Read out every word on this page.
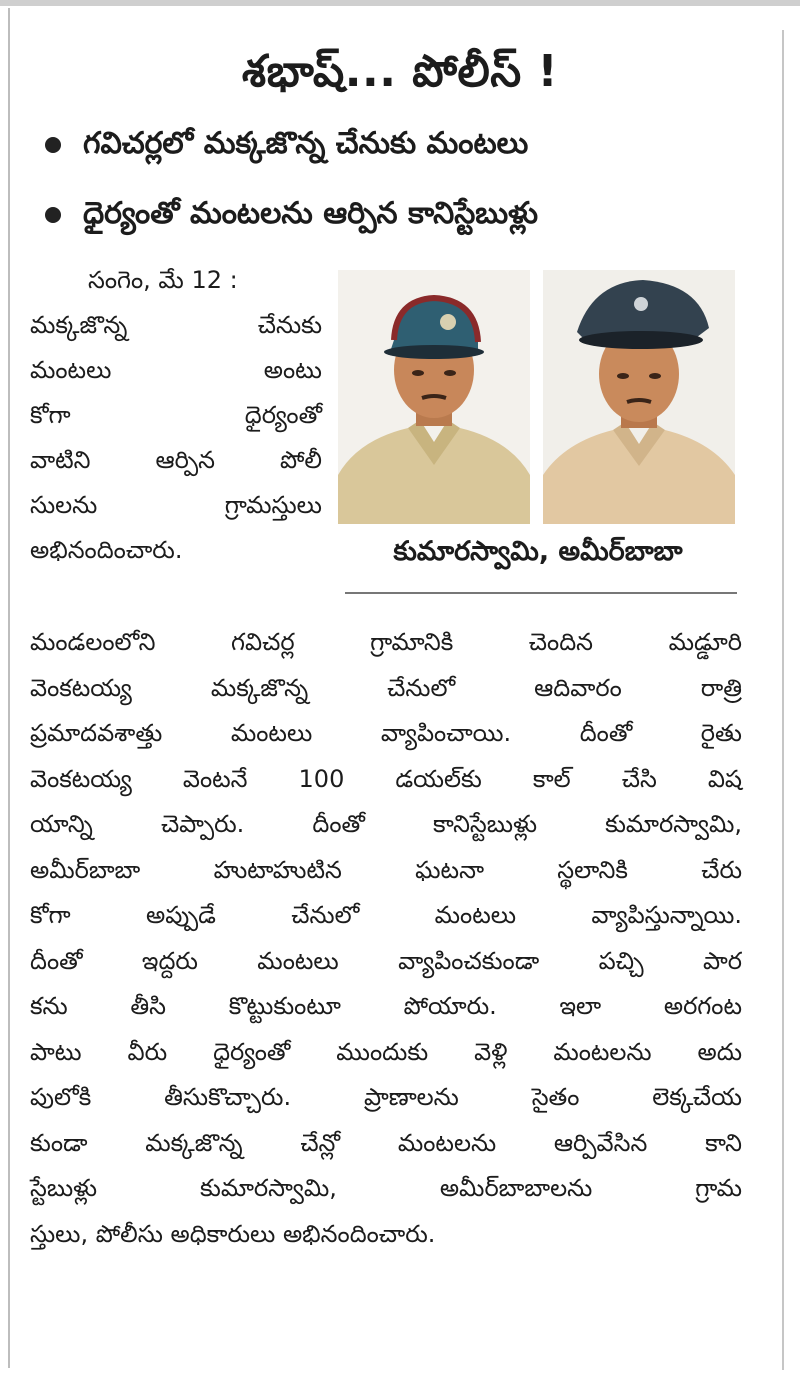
శభాష్... పోలీస్ !
గవిచర్లలో మక్కజొన్న చేనుకు మంటలు
ధైర్యంతో మంటలను ఆర్పిన కానిస్టేబుళ్లు
సంగెం, మే 12 :
మక్కజొన్న చేనుకు
మంటలు అంటు
కోగా ధైర్యంతో
వాటిని ఆర్పిన పోలీ
సులను గ్రామస్తులు
అభినందించారు.	కుమారస్వామి, అమీర్‌బాబా
మండలంలోని గవిచర్ల గ్రామానికి చెందిన మడ్డూరి
వెంకటయ్య మక్కజొన్న చేనులో ఆదివారం రాత్రి
ప్రమాదవశాత్తు మంటలు వ్యాపించాయి. దీంతో రైతు
వెంకటయ్య వెంటనే 100 డయల్‌కు కాల్ చేసి విష
యాన్ని చెప్పారు. దీంతో కానిస్టేబుళ్లు కుమారస్వామి,
అమీర్‌బాబా హుటాహుటిన ఘటనా స్థలానికి చేరు
కోగా అప్పుడే చేనులో మంటలు వ్యాపిస్తున్నాయి.
దీంతో ఇద్దరు మంటలు వ్యాపించకుండా పచ్చి పార
కను తీసి కొట్టుకుంటూ పోయారు. ఇలా అరగంట
పాటు వీరు ధైర్యంతో ముందుకు వెళ్లి మంటలను అదు
పులోకి తీసుకొచ్చారు. ప్రాణాలను సైతం లెక్కచేయ
కుండా మక్కజొన్న చేన్లో మంటలను ఆర్పివేసిన కాని
స్టేబుళ్లు కుమారస్వామి, అమీర్‌బాబాలను గ్రామ
స్తులు, పోలీసు అధికారులు అభినందించారు.
